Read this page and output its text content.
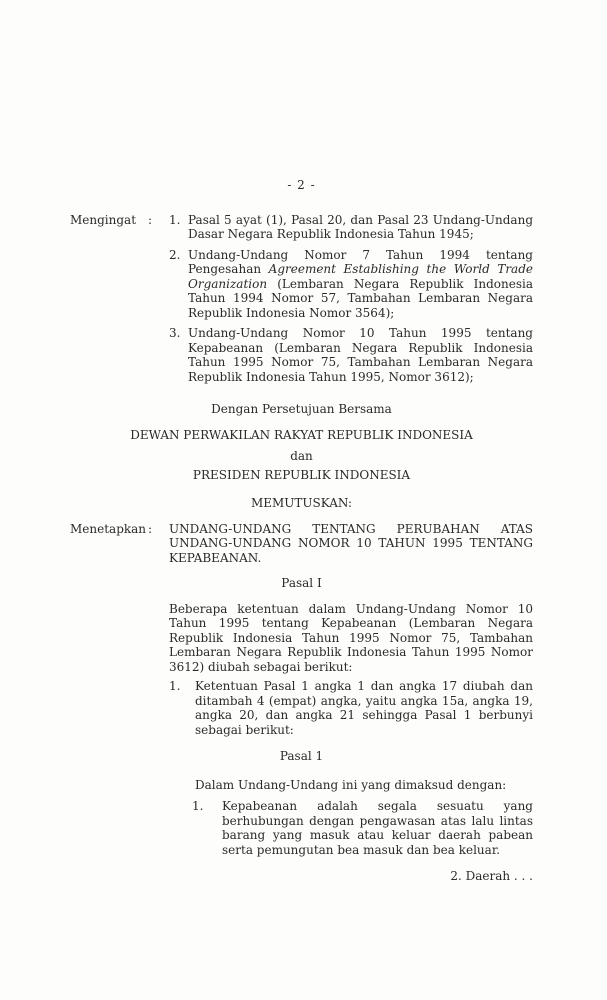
- 2 -
Mengingat :	1. Pasal 5 ayat (1), Pasal 20, dan Pasal 23 Undang-Undang Dasar Negara Republik Indonesia Tahun 1945;
2. Undang-Undang Nomor 7 Tahun 1994 tentang Pengesahan Agreement Establishing the World Trade Organization (Lembaran Negara Republik Indonesia Tahun 1994 Nomor 57, Tambahan Lembaran Negara Republik Indonesia Nomor 3564);
3. Undang-Undang Nomor 10 Tahun 1995 tentang Kepabeanan (Lembaran Negara Republik Indonesia Tahun 1995 Nomor 75, Tambahan Lembaran Negara Republik Indonesia Tahun 1995, Nomor 3612);
Dengan Persetujuan Bersama
DEWAN PERWAKILAN RAKYAT REPUBLIK INDONESIA
dan
PRESIDEN REPUBLIK INDONESIA
MEMUTUSKAN:
Menetapkan :	UNDANG-UNDANG TENTANG PERUBAHAN ATAS UNDANG-UNDANG NOMOR 10 TAHUN 1995 TENTANG KEPABEANAN.
Pasal I
Beberapa ketentuan dalam Undang-Undang Nomor 10 Tahun 1995 tentang Kepabeanan (Lembaran Negara Republik Indonesia Tahun 1995 Nomor 75, Tambahan Lembaran Negara Republik Indonesia Tahun 1995 Nomor 3612) diubah sebagai berikut:
1.	Ketentuan Pasal 1 angka 1 dan angka 17 diubah dan ditambah 4 (empat) angka, yaitu angka 15a, angka 19, angka 20, dan angka 21 sehingga Pasal 1 berbunyi sebagai berikut:
Pasal 1
Dalam Undang-Undang ini yang dimaksud dengan:
1.	Kepabeanan adalah segala sesuatu yang berhubungan dengan pengawasan atas lalu lintas barang yang masuk atau keluar daerah pabean serta pemungutan bea masuk dan bea keluar.
2. Daerah . . .
